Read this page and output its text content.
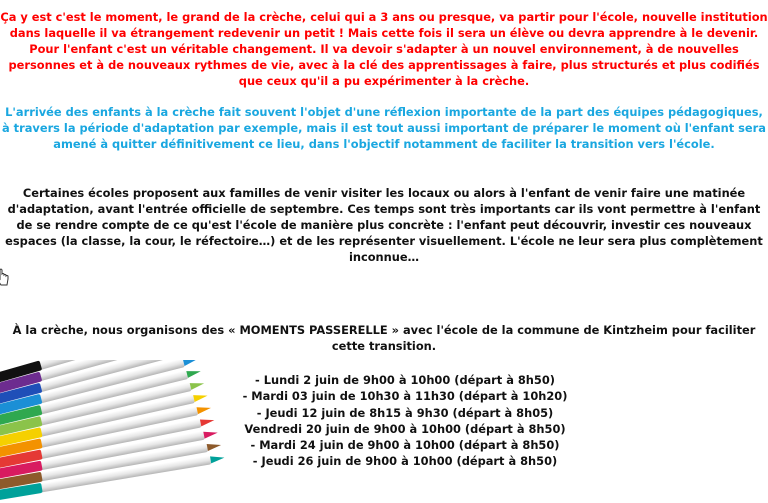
Ça y est c'est le moment, le grand de la crèche, celui qui a 3 ans ou presque, va partir pour l'école, nouvelle institution dans laquelle il va étrangement redevenir un petit ! Mais cette fois il sera un élève ou devra apprendre à le devenir. Pour l'enfant c'est un véritable changement. Il va devoir s'adapter à un nouvel environnement, à de nouvelles personnes et à de nouveaux rythmes de vie, avec à la clé des apprentissages à faire, plus structurés et plus codifiés que ceux qu'il a pu expérimenter à la crèche.

L'arrivée des enfants à la crèche fait souvent l'objet d'une réflexion importante de la part des équipes pédagogiques, à travers la période d'adaptation par exemple, mais il est tout aussi important de préparer le moment où l'enfant sera amené à quitter définitivement ce lieu, dans l'objectif notamment de faciliter la transition vers l'école.

Certaines écoles proposent aux familles de venir visiter les locaux ou alors à l'enfant de venir faire une matinée d'adaptation, avant l'entrée officielle de septembre. Ces temps sont très importants car ils vont permettre à l'enfant de se rendre compte de ce qu'est l'école de manière plus concrète : l'enfant peut découvrir, investir ces nouveaux espaces (la classe, la cour, le réfectoire…) et de les représenter visuellement. L'école ne leur sera plus complètement inconnue…

À la crèche, nous organisons des « MOMENTS PASSERELLE » avec l'école de la commune de Kintzheim pour faciliter cette transition.

- Lundi 2 juin de 9h00 à 10h00 (départ à 8h50)
- Mardi 03 juin de 10h30 à 11h30 (départ à 10h20)
- Jeudi 12 juin de 8h15 à 9h30 (départ à 8h05)
Vendredi 20 juin de 9h00 à 10h00 (départ à 8h50)
- Mardi 24 juin de 9h00 à 10h00 (départ à 8h50)
- Jeudi 26 juin de 9h00 à 10h00 (départ à 8h50)
